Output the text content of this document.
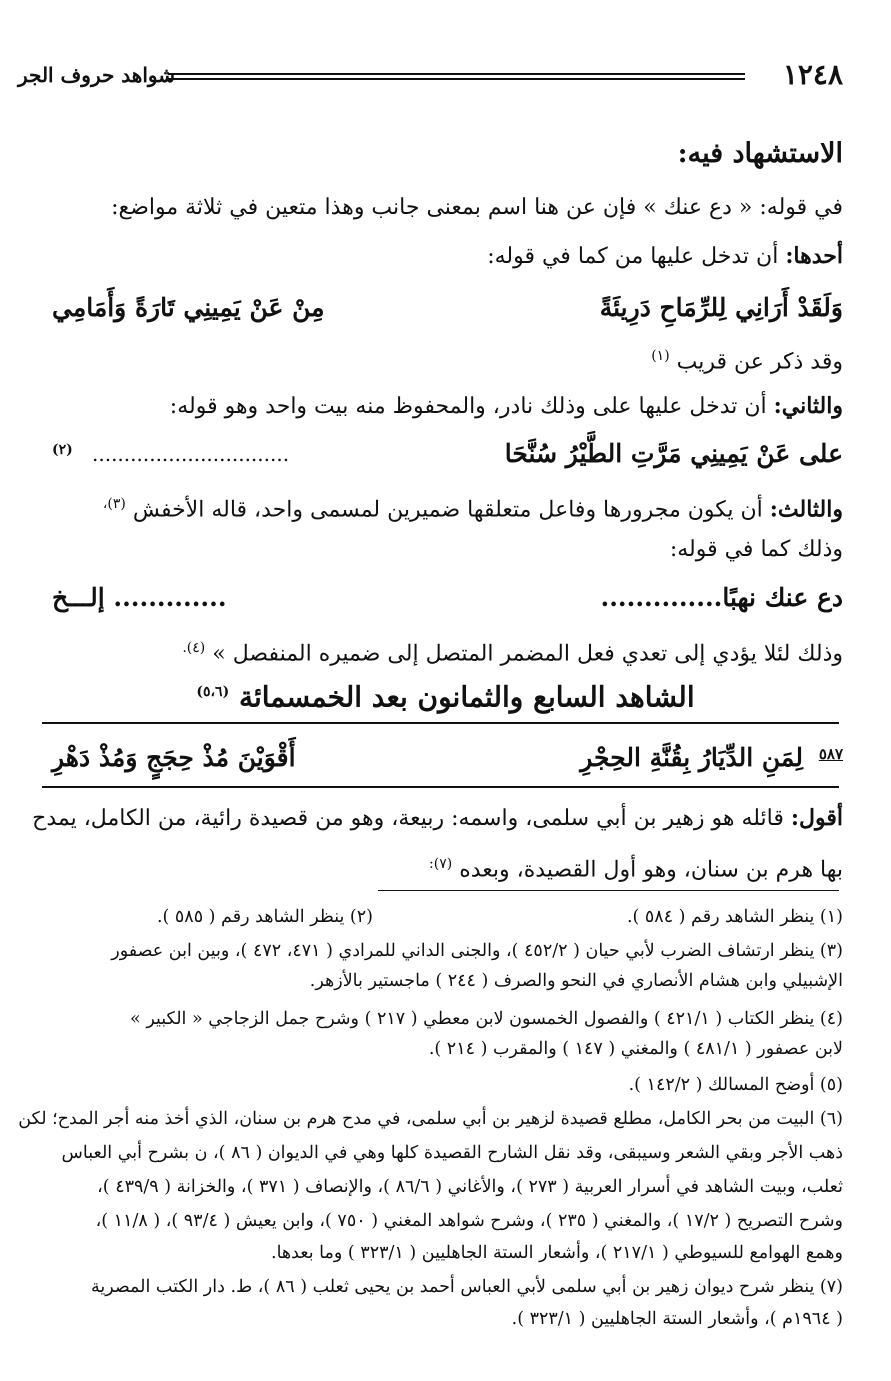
١٢٤٨
شواهد حروف الجر
الاستشهاد فيه:
في قوله: « دع عنك » فإن عن هنا اسم بمعنى جانب وهذا متعين في ثلاثة مواضع:
أحدها: أن تدخل عليها من كما في قوله:
وَلَقَدْ أَرَانِي لِلرِّمَاحِ دَرِيئَةً
مِنْ عَنْ يَمِينِي تَارَةً وَأَمَامِي
وقد ذكر عن قريب $^{(١)}$
والثاني: أن تدخل عليها على وذلك نادر، والمحفوظ منه بيت واحد وهو قوله:
على عَنْ يَمِينِي مَرَّتِ الطَّيْرُ سُنَّحَا
...............................
(٢)
والثالث: أن يكون مجرورها وفاعل متعلقها ضميرين لمسمى واحد، قاله الأخفش $^{(٣)،}$
وذلك كما في قوله:
دع عنك نهبًا..............
............. إلـــخ
وذلك لئلا يؤدي إلى تعدي فعل المضمر المتصل إلى ضميره المنفصل » $^{(٤).}$
الشاهد السابع والثمانون بعد الخمسمائة $^{(٥،٦)}$
٥٨٧
لِمَنِ الدِّيَارُ بِقُنَّةِ الحِجْرِ
أَقْوَيْنَ مُذْ حِجَجٍ وَمُذْ دَهْرِ
أقول: قائله هو زهير بن أبي سلمى، واسمه: ربيعة، وهو من قصيدة رائية، من الكامل، يمدح
بها هرم بن سنان، وهو أول القصيدة، وبعده $^{(٧):}$
(١) ينظر الشاهد رقم ( ٥٨٤ ).
(٢) ينظر الشاهد رقم ( ٥٨٥ ).
(٣) ينظر ارتشاف الضرب لأبي حيان ( ٤٥٢/٢ )، والجنى الداني للمرادي ( ٤٧١، ٤٧٢ )، وبين ابن عصفور
الإشبيلي وابن هشام الأنصاري في النحو والصرف ( ٢٤٤ ) ماجستير بالأزهر.
(٤) ينظر الكتاب ( ٤٢١/١ ) والفصول الخمسون لابن معطي ( ٢١٧ ) وشرح جمل الزجاجي « الكبير »
لابن عصفور ( ٤٨١/١ ) والمغني ( ١٤٧ ) والمقرب ( ٢١٤ ).
(٥) أوضح المسالك ( ١٤٢/٢ ).
(٦) البيت من بحر الكامل، مطلع قصيدة لزهير بن أبي سلمى، في مدح هرم بن سنان، الذي أخذ منه أجر المدح؛ لكن
ذهب الأجر وبقي الشعر وسيبقى، وقد نقل الشارح القصيدة كلها وهي في الديوان ( ٨٦ )، ن بشرح أبي العباس
ثعلب، وبيت الشاهد في أسرار العربية ( ٢٧٣ )، والأغاني ( ٨٦/٦ )، والإنصاف ( ٣٧١ )، والخزانة ( ٤٣٩/٩ )،
وشرح التصريح ( ١٧/٢ )، والمغني ( ٢٣٥ )، وشرح شواهد المغني ( ٧٥٠ )، وابن يعيش ( ٩٣/٤ )، ( ١١/٨ )،
وهمع الهوامع للسيوطي ( ٢١٧/١ )، وأشعار الستة الجاهليين ( ٣٢٣/١ ) وما بعدها.
(٧) ينظر شرح ديوان زهير بن أبي سلمى لأبي العباس أحمد بن يحيى ثعلب ( ٨٦ )، ط. دار الكتب المصرية
( ١٩٦٤م )، وأشعار الستة الجاهليين ( ٣٢٣/١ ).
